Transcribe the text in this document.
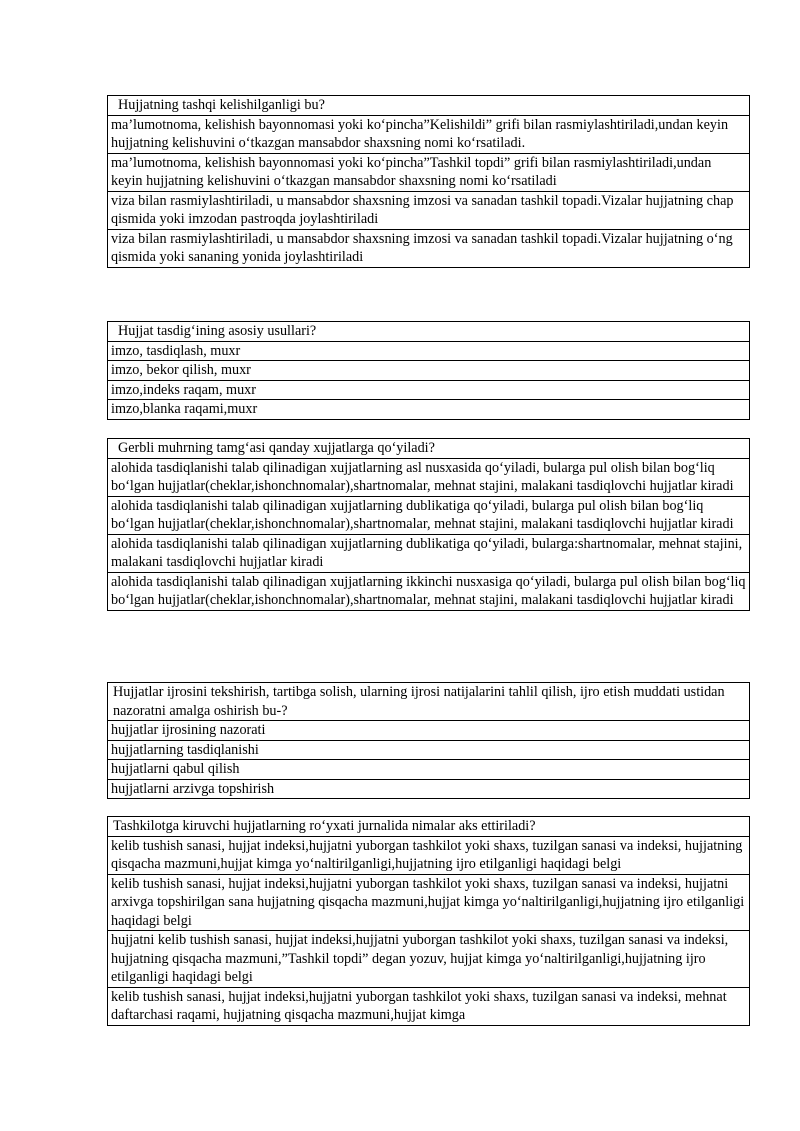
Hujjatning tashqi kelishilganligi bu?
ma’lumotnoma, kelishish bayonnomasi yoki ko‘pincha”Kelishildi” grifi bilan rasmiylashtiriladi,undan keyin hujjatning kelishuvini o‘tkazgan mansabdor shaxsning nomi ko‘rsatiladi.
ma’lumotnoma, kelishish bayonnomasi yoki ko‘pincha”Tashkil topdi” grifi bilan rasmiylashtiriladi,undan keyin hujjatning kelishuvini o‘tkazgan mansabdor shaxsning nomi ko‘rsatiladi
viza bilan rasmiylashtiriladi, u mansabdor shaxsning imzosi va sanadan tashkil topadi.Vizalar hujjatning chap qismida yoki imzodan pastroqda joylashtiriladi
viza bilan rasmiylashtiriladi, u mansabdor shaxsning imzosi va sanadan tashkil topadi.Vizalar hujjatning o‘ng qismida yoki sananing yonida joylashtiriladi
Hujjat tasdig‘ining asosiy usullari?
imzo, tasdiqlash, muxr
imzo, bekor qilish, muxr
imzo,indeks raqam, muxr
imzo,blanka raqami,muxr
Gerbli muhrning tamg‘asi qanday xujjatlarga qo‘yiladi?
alohida tasdiqlanishi talab qilinadigan xujjatlarning asl nusxasida qo‘yiladi, bularga pul olish bilan bog‘liq bo‘lgan hujjatlar(cheklar,ishonchnomalar),shartnomalar, mehnat stajini, malakani tasdiqlovchi hujjatlar kiradi
alohida tasdiqlanishi talab qilinadigan xujjatlarning dublikatiga qo‘yiladi, bularga pul olish bilan bog‘liq bo‘lgan hujjatlar(cheklar,ishonchnomalar),shartnomalar, mehnat stajini, malakani tasdiqlovchi hujjatlar kiradi
alohida tasdiqlanishi talab qilinadigan xujjatlarning dublikatiga qo‘yiladi, bularga:shartnomalar, mehnat stajini, malakani tasdiqlovchi hujjatlar kiradi
alohida tasdiqlanishi talab qilinadigan xujjatlarning ikkinchi nusxasiga qo‘yiladi, bularga pul olish bilan bog‘liq bo‘lgan hujjatlar(cheklar,ishonchnomalar),shartnomalar, mehnat stajini, malakani tasdiqlovchi hujjatlar kiradi
Hujjatlar ijrosini tekshirish, tartibga solish, ularning ijrosi natijalarini tahlil qilish, ijro etish muddati ustidan nazoratni amalga oshirish bu-?
hujjatlar ijrosining nazorati
hujjatlarning tasdiqlanishi
hujjatlarni qabul qilish
hujjatlarni arzivga topshirish
Tashkilotga kiruvchi hujjatlarning ro‘yxati jurnalida nimalar aks ettiriladi?
kelib tushish sanasi, hujjat indeksi,hujjatni yuborgan tashkilot yoki shaxs, tuzilgan sanasi va indeksi, hujjatning qisqacha mazmuni,hujjat kimga yo‘naltirilganligi,hujjatning ijro etilganligi haqidagi belgi
kelib tushish sanasi, hujjat indeksi,hujjatni yuborgan tashkilot yoki shaxs, tuzilgan sanasi va indeksi, hujjatni arxivga topshirilgan sana hujjatning qisqacha mazmuni,hujjat kimga yo‘naltirilganligi,hujjatning ijro etilganligi haqidagi belgi
hujjatni kelib tushish sanasi, hujjat indeksi,hujjatni yuborgan tashkilot yoki shaxs, tuzilgan sanasi va indeksi, hujjatning qisqacha mazmuni,”Tashkil topdi” degan yozuv, hujjat kimga yo‘naltirilganligi,hujjatning ijro etilganligi haqidagi belgi
kelib tushish sanasi, hujjat indeksi,hujjatni yuborgan tashkilot yoki shaxs, tuzilgan sanasi va indeksi, mehnat daftarchasi raqami, hujjatning qisqacha mazmuni,hujjat kimga
